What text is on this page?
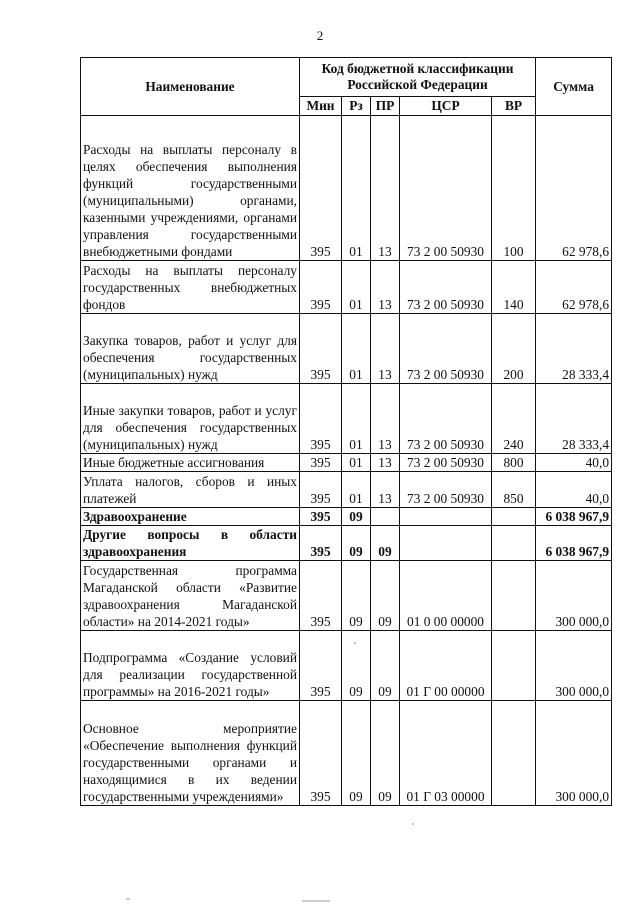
2
Наименование	Код бюджетной классификации Российской Федерации					Сумма
	Мин	Рз	ПР	ЦСР	ВР	
Расходы на выплаты персоналу в целях обеспечения выполнения функций государственными (муниципальными) органами, казенными учреждениями, органами управления государственными внебюджетными фондами	395	01	13	73 2 00 50930	100	62 978,6
Расходы на выплаты персоналу государственных внебюджетных фондов	395	01	13	73 2 00 50930	140	62 978,6
Закупка товаров, работ и услуг для обеспечения государственных (муниципальных) нужд	395	01	13	73 2 00 50930	200	28 333,4
Иные закупки товаров, работ и услуг для обеспечения государственных (муниципальных) нужд	395	01	13	73 2 00 50930	240	28 333,4
Иные бюджетные ассигнования	395	01	13	73 2 00 50930	800	40,0
Уплата налогов, сборов и иных платежей	395	01	13	73 2 00 50930	850	40,0
Здравоохранение	395	09				6 038 967,9
Другие вопросы в области здравоохранения	395	09	09			6 038 967,9
Государственная программа Магаданской области «Развитие здравоохранения Магаданской области» на 2014-2021 годы»	395	09	09	01 0 00 00000		300 000,0
Подпрограмма «Создание условий для реализации государственной программы» на 2016-2021 годы»	395	09	09	01 Г 00 00000		300 000,0
Основное мероприятие «Обеспечение выполнения функций государственными органами и находящимися в их ведении государственными учреждениями»	395	09	09	01 Г 03 00000		300 000,0
